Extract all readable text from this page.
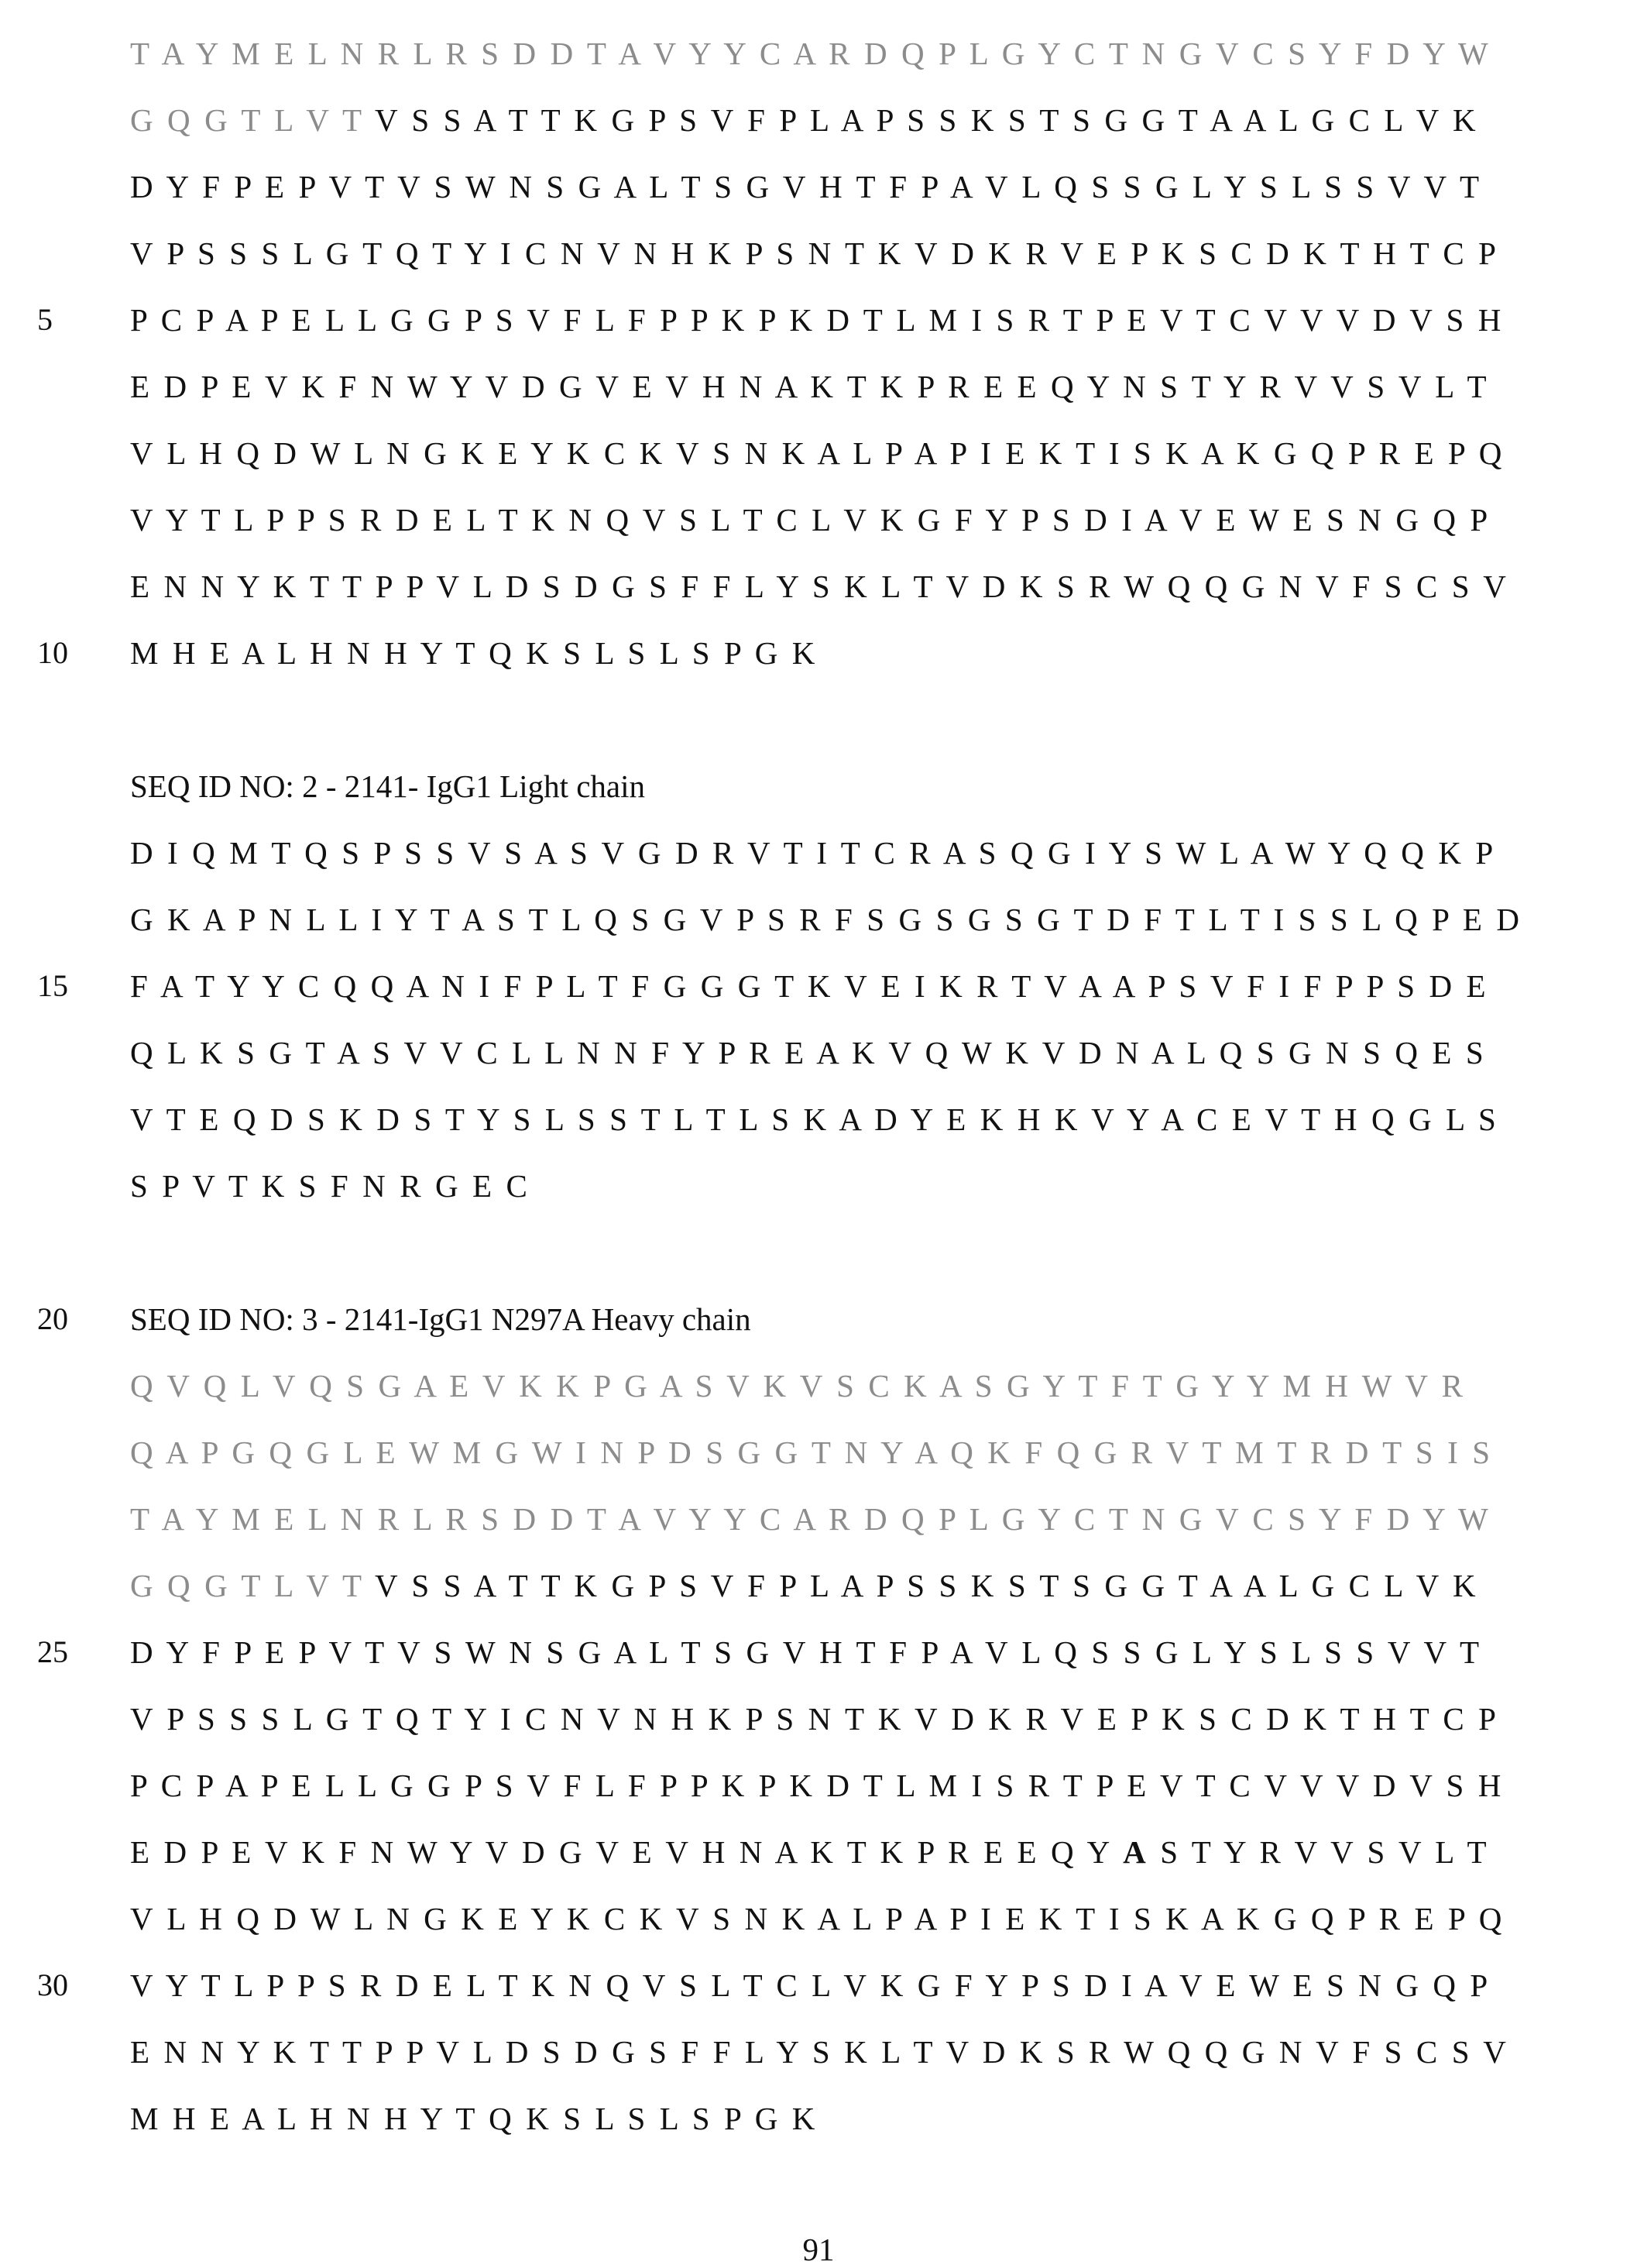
T A Y M E L N R L R S D D T A V Y Y C A R D Q P L G Y C T N G V C S Y F D Y W
G Q G T L V T V S S A T T K G P S V F P L A P S S K S T S G G T A A L G C L V K
D Y F P E P V T V S W N S G A L T S G V H T F P A V L Q S S G L Y S L S S V V T
V P S S S L G T Q T Y I C N V N H K P S N T K V D K R V E P K S C D K T H T C P
5	P C P A P E L L G G P S V F L F P P K P K D T L M I S R T P E V T C V V V D V S H
E D P E V K F N W Y V D G V E V H N A K T K P R E E Q Y N S T Y R V V S V L T
V L H Q D W L N G K E Y K C K V S N K A L P A P I E K T I S K A K G Q P R E P Q
V Y T L P P S R D E L T K N Q V S L T C L V K G F Y P S D I A V E W E S N G Q P
E N N Y K T T P P V L D S D G S F F L Y S K L T V D K S R W Q Q G N V F S C S V
10	M H E A L H N H Y T Q K S L S L S P G K
SEQ ID NO: 2 - 2141- IgG1 Light chain
D I Q M T Q S P S S V S A S V G D R V T I T C R A S Q G I Y S W L A W Y Q Q K P
G K A P N L L I Y T A S T L Q S G V P S R F S G S G S G T D F T L T I S S L Q P E D
15	F A T Y Y C Q Q A N I F P L T F G G G T K V E I K R T V A A P S V F I F P P S D E
Q L K S G T A S V V C L L N N F Y P R E A K V Q W K V D N A L Q S G N S Q E S
V T E Q D S K D S T Y S L S S T L T L S K A D Y E K H K V Y A C E V T H Q G L S
S P V T K S F N R G E C
20	SEQ ID NO: 3 - 2141-IgG1 N297A Heavy chain
Q V Q L V Q S G A E V K K P G A S V K V S C K A S G Y T F T G Y Y M H W V R
Q A P G Q G L E W M G W I N P D S G G T N Y A Q K F Q G R V T M T R D T S I S
T A Y M E L N R L R S D D T A V Y Y C A R D Q P L G Y C T N G V C S Y F D Y W
G Q G T L V T V S S A T T K G P S V F P L A P S S K S T S G G T A A L G C L V K
25	D Y F P E P V T V S W N S G A L T S G V H T F P A V L Q S S G L Y S L S S V V T
V P S S S L G T Q T Y I C N V N H K P S N T K V D K R V E P K S C D K T H T C P
P C P A P E L L G G P S V F L F P P K P K D T L M I S R T P E V T C V V V D V S H
E D P E V K F N W Y V D G V E V H N A K T K P R E E Q Y A S T Y R V V S V L T
V L H Q D W L N G K E Y K C K V S N K A L P A P I E K T I S K A K G Q P R E P Q
30	V Y T L P P S R D E L T K N Q V S L T C L V K G F Y P S D I A V E W E S N G Q P
E N N Y K T T P P V L D S D G S F F L Y S K L T V D K S R W Q Q G N V F S C S V
M H E A L H N H Y T Q K S L S L S P G K
91
